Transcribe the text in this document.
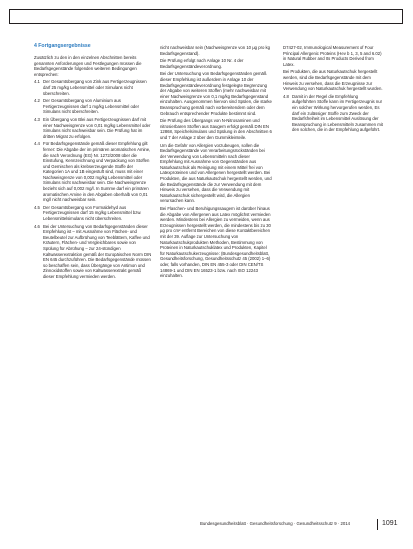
4 Fortgangsergebnisse

Zusätzlich zu den in den einzelnen Abschnitten bereits genannten Anforderungen und Festlegungen müssen die Bedarfsgegenstände folgenden weiteren Bedingungen entsprechen:

4.1 Der Gesamtübergang von Zink aus Fertigerzeugnissen darf 25 mg/kg Lebensmittel oder Simulans nicht überschreiten.
4.2 Der Gesamtübergang von Aluminium aus Fertigerzeugnissen darf 1 mg/kg Lebensmittel oder Simulans nicht überschreiten.
4.3 Ein Übergang von Blei aus Fertigerzeugnissen darf mit einer Nachweisgrenze von 0,01 mg/kg Lebensmittel oder Simulans nicht nachweisbar sein. Die Prüfung hat im dritten Migrat zu erfolgen.
4.4 Für Bedarfsgegenstände gemäß dieser Empfehlung gilt ferner: Die Abgabe der im primären aromatischen Amine, die nach Verordnung (EG) Nr. 1272/2008 über die Einstufung, Kennzeichnung und Verpackung von Stoffen und Gemischen als krebserzeugende Stoffe der Kategorien 1A und 1B eingestuft sind, muss mit einer Nachweisgrenze von 0,002 mg/kg Lebensmittel oder Simulans nicht nachweisbar sein. Die Nachweisgrenze bezieht sich auf 0,002 mg/l. In Summe darf ein primären aromatischen Amine in den Abgaben oberhalb von 0,01 mg/l nicht nachweisbar sein.
4.5 Der Gesamtübergang von Formaldehyd aus Fertigerzeugnissen darf 15 mg/kg Lebensmittel bzw. Lebensmittelsimulans nicht überschreiten.
4.6 Bei der Untersuchung von Bedarfsgegenständen dieser Empfehlung ist – mit Ausnahme von Flächen- und Beutelbeutel zur Aufbrühung von Teeblättern, Kaffee und Kräutern, Flächen- und Vergleichbares sowie von Spülung für Abrühung – zur 24-stündigen Kaltwasserextraktion gemäß der Europäischen Norm DIN EN 645 durchzuführen. Die Bedarfsgegenstände müssen so beschaffen sein, dass Übergänge von Antimon und Zinnoxidstoffen sowie von Kaltwasserextrakt gemäß dieser Empfehlung vermieden werden.

nicht nachweisbar sein (Nachweisgrenze von 10 µg pro kg Bedarfsgegenstand).

Die Prüfung erfolgt nach Anlage 10 Nr. 4 der Bedarfsgegenständeverordnung.

Bei der Untersuchung von Bedarfsgegenständen gemäß dieser Empfehlung ist außerdem in Anlage 10 der Bedarfsgegenständeverordnung festgelegte Begrenzung der Abgabe von weiteren Stoffen (mehr nachweisbar mit einer Nachweisgrenze von 0,1 mg/kg Bedarfsgegenstand einzuhalten. Ausgenommen hiervon sind Spülen, die starke Beanspruchung gemäß nach vorbereitendem oder dem Gebrauch entsprechender Produkte bestimmt sind.

Die Prüfung des Übergangs von N-Nitrosaminen und nitrosierbaren Stoffen aus Saugern erfolgt gemäß DIN EN 12868, Speichelsimulans und Spülung in den Abschnitten 6 und 7 der Anlage 2 über den Gummikleinteile.

Um die Gefahr von Allergien vorzubeugen, sollen die Bedarfsgegenstände von Verarbeitungsrückständen bei der Verwendung von Lebensmitteln nach dieser Empfehlung mit Ausnahme von Gegenständen aus Naturkautschuk als Reinigung mit einem Mittel frei von Latexproteinen und von Allergenen hergestellt werden. Bei Produkten, die aus Naturkautschuk hergestellt werden, und die Bedarfsgegenstände die zur Verwendung mit dem Hinweis zu versehen, dass die Verwendung mit Naturkautschuk sichergestellt wird, die Allergien verursachen kann.

Bei Flaschen- und Beruhigungssaugern ist darüber hinaus die Abgabe von Allergenen aus Latex möglichst vermieden werden. Mindestens bei Allergien zu vermeiden, wenn aus Erzeugnissen hergestellt werden, die mindestens bis zu 30 µg pro cm² entfernt Bereichen von diese Kontaktbereichen mit der 39. Auflage zur Untersuchung von Naturkautschukprodukten Methoden, Bestimmung von Proteinen in Naturkautschuklatex und Produkten, Kapitel für Naturkautschukerzeugnisse: (Bundesgesundheitsblatt, Gesundheitsforschung, Gesundheitsschutz 45 (2002) 1–6) oder, falls vorhanden, DIN EN 455-3 oder DIN CEN/TS 14869-1 und DIN EN 16523-1 bzw. nach ISO 12243 einzuhalten.

D7427-02, Immunological Measurement of Four Principal Allergenic Proteins (Hev b 1, 3, 5 and 6.02) in Natural Rubber and Its Products Derived from Latex.

Bei Produkten, die aus Naturkautschuk hergestellt werden, sind die Bedarfsgegenstände mit dem Hinweis zu versehen, dass die Erzeugnisse zur Verwendung von Naturkautschuk hergestellt wurden.

4.8 Damit in der Regel die Empfehlung aufgeführten Stoffe kann im Fertigerzeugnis nur ein solcher Wirkung hervorgerufen werden, Es darf ein zulässiger Stoffe zum Zweck der Bedarfsfreiheit im Lebensmittel Auslösung der Beanspruchung in Lebensmitteln zusammen mit den solchen, die in der Empfehlung aufgeführt.
Bundesgesundheitsblatt · Gesundheitsforschung · Gesundheitsschutz 9 · 2014	1091
